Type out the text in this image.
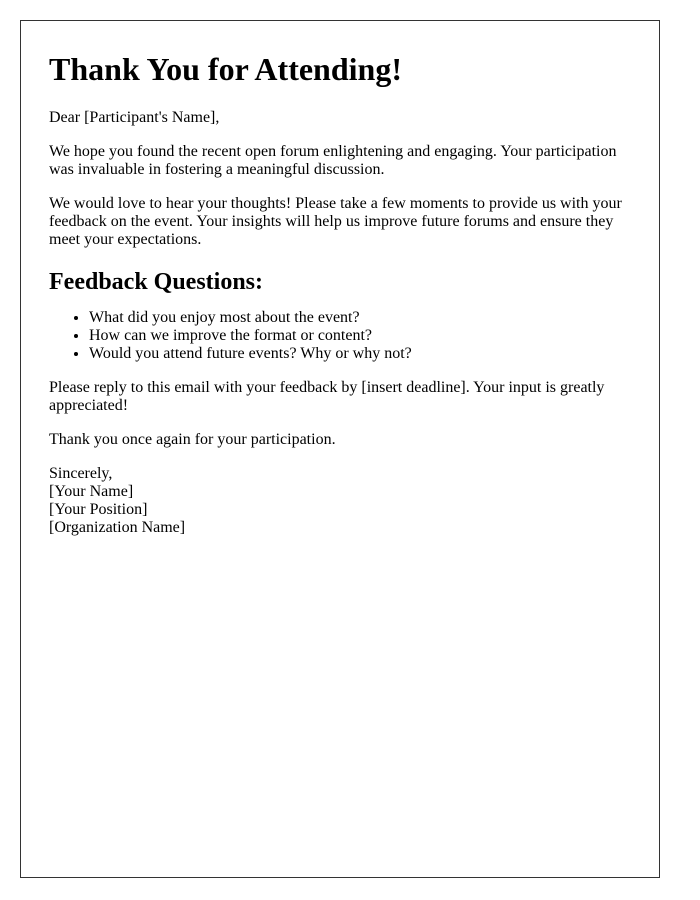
Thank You for Attending!

Dear [Participant's Name],

We hope you found the recent open forum enlightening and engaging. Your participation was invaluable in fostering a meaningful discussion.

We would love to hear your thoughts! Please take a few moments to provide us with your feedback on the event. Your insights will help us improve future forums and ensure they meet your expectations.

Feedback Questions:
• What did you enjoy most about the event?
• How can we improve the format or content?
• Would you attend future events? Why or why not?

Please reply to this email with your feedback by [insert deadline]. Your input is greatly appreciated!

Thank you once again for your participation.

Sincerely,
[Your Name]
[Your Position]
[Organization Name]
